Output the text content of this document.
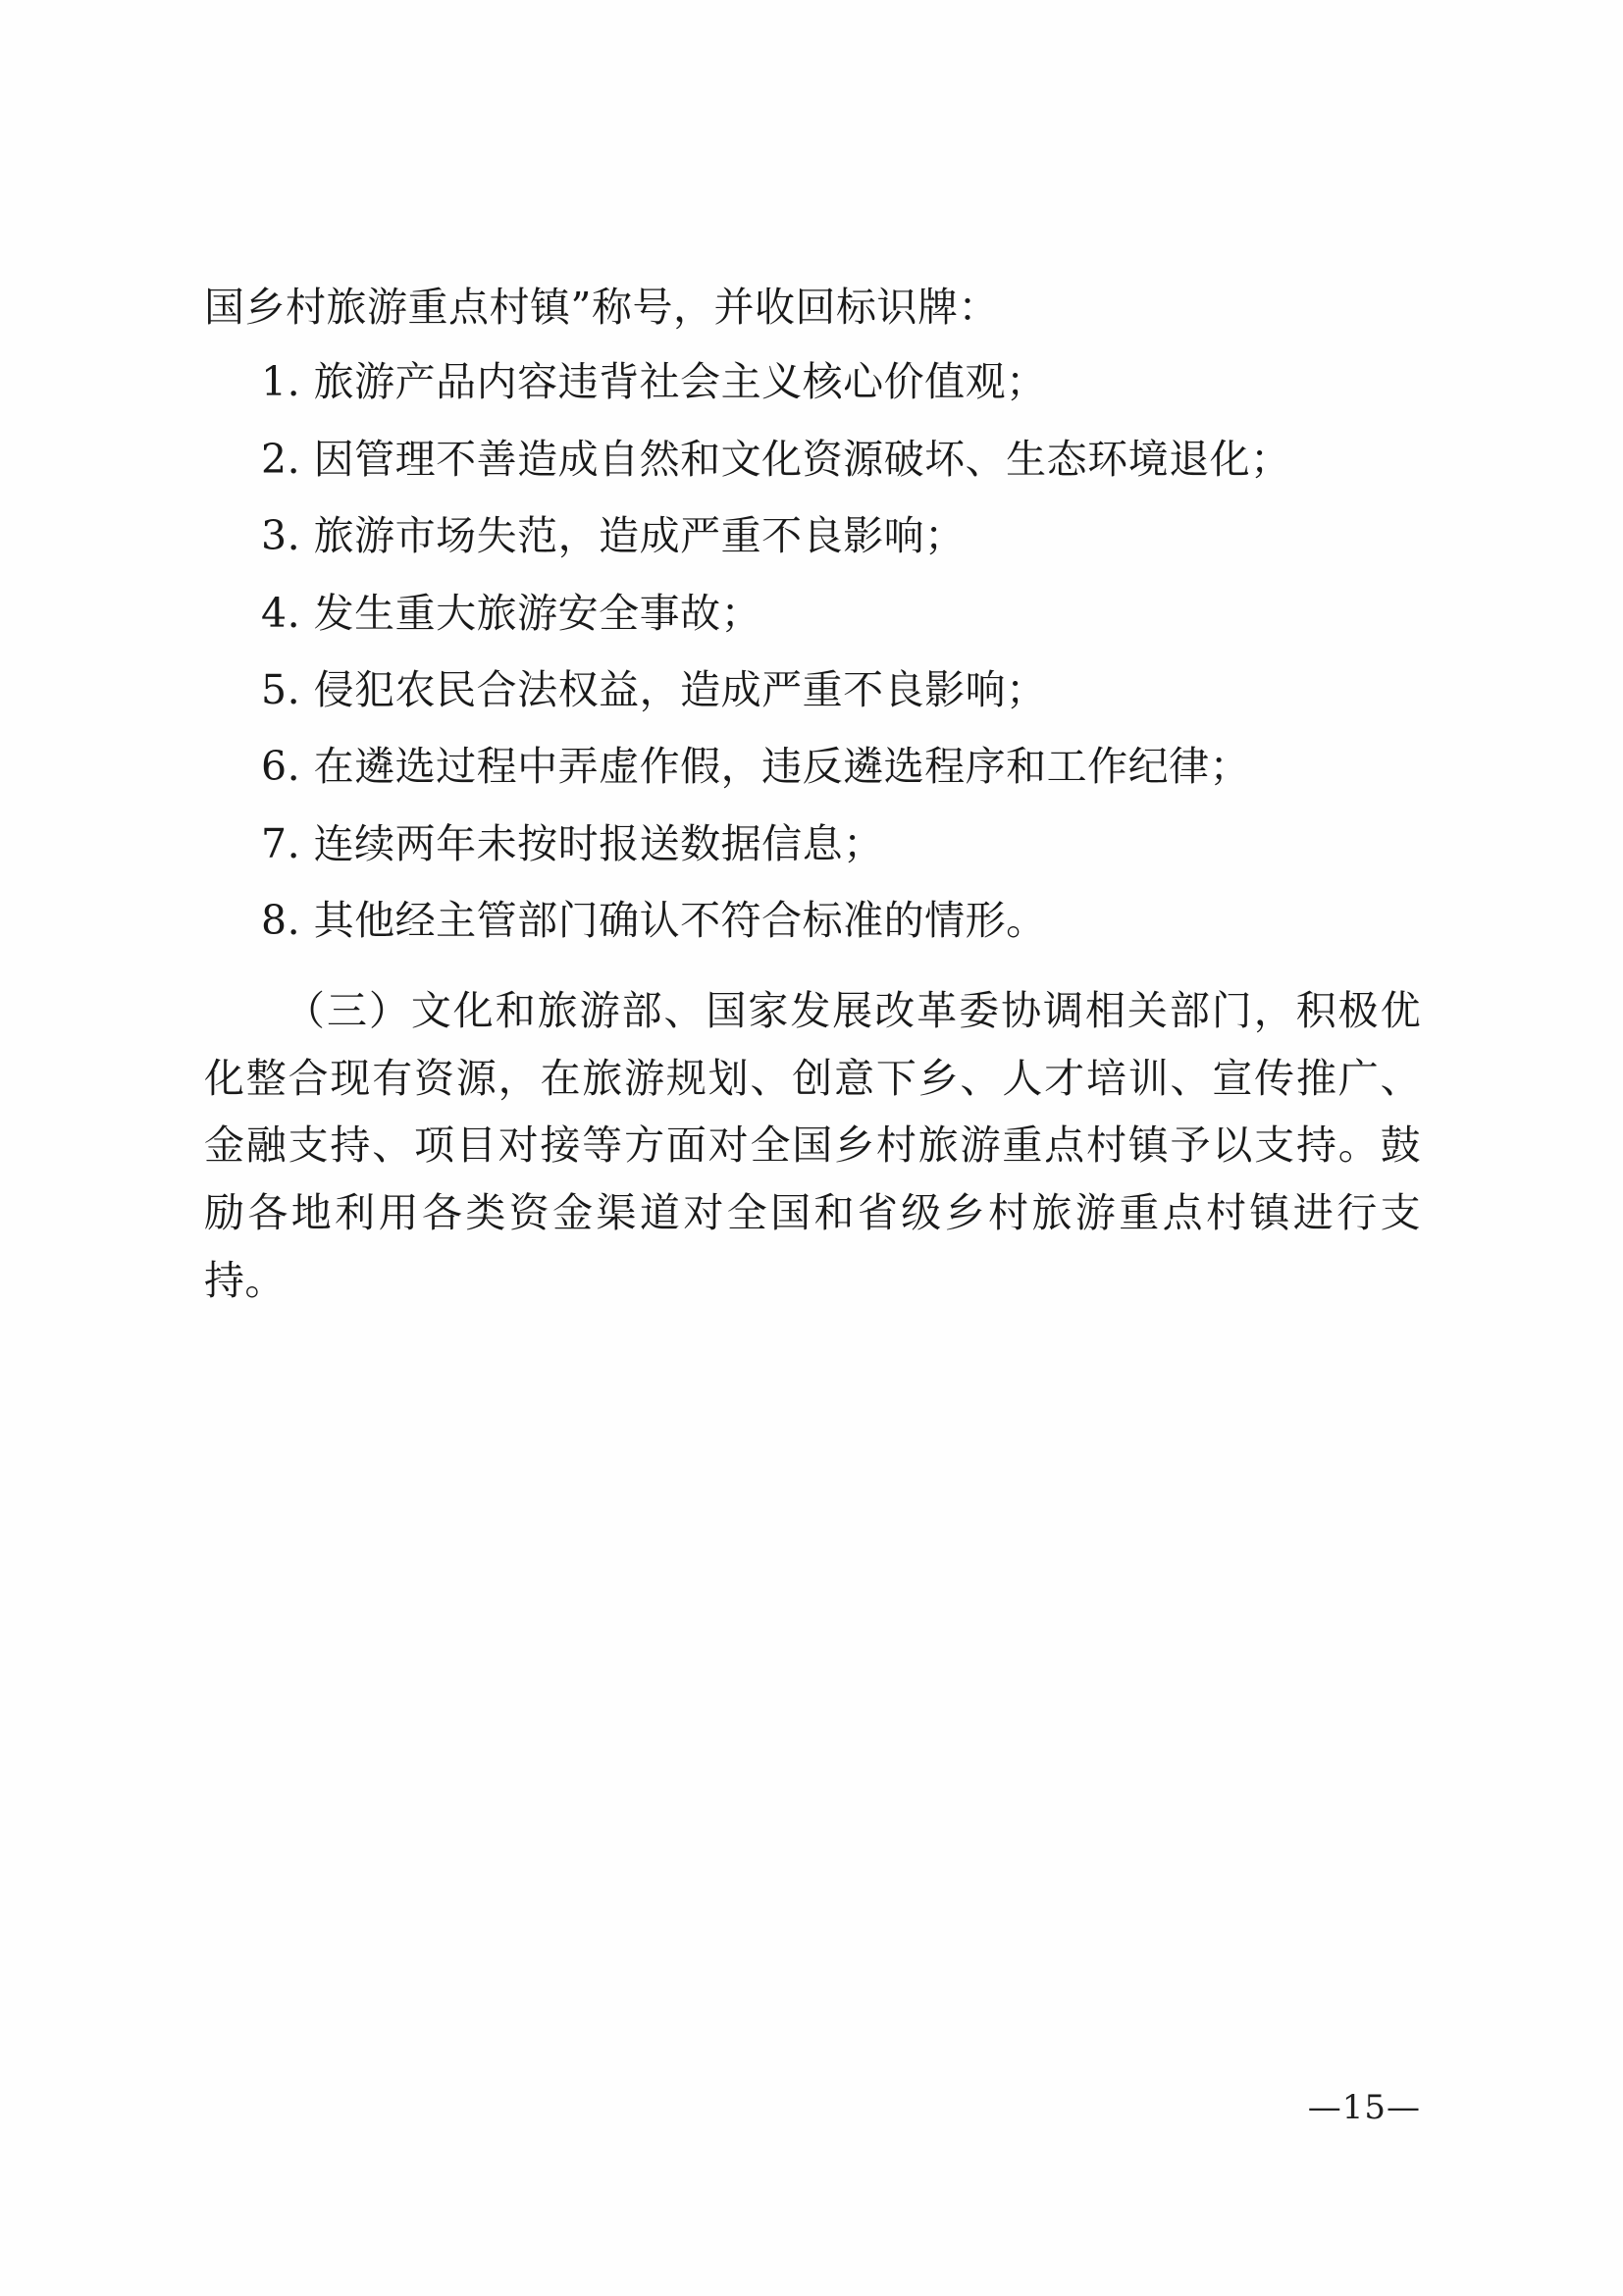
国乡村旅游重点村镇”称号，并收回标识牌：

1. 旅游产品内容违背社会主义核心价值观；
2. 因管理不善造成自然和文化资源破坏、生态环境退化；
3. 旅游市场失范，造成严重不良影响；
4. 发生重大旅游安全事故；
5. 侵犯农民合法权益，造成严重不良影响；
6. 在遴选过程中弄虚作假，违反遴选程序和工作纪律；
7. 连续两年未按时报送数据信息；
8. 其他经主管部门确认不符合标准的情形。

（三）文化和旅游部、国家发展改革委协调相关部门，积极优化整合现有资源，在旅游规划、创意下乡、人才培训、宣传推广、金融支持、项目对接等方面对全国乡村旅游重点村镇予以支持。鼓励各地利用各类资金渠道对全国和省级乡村旅游重点村镇进行支持。

—15—
